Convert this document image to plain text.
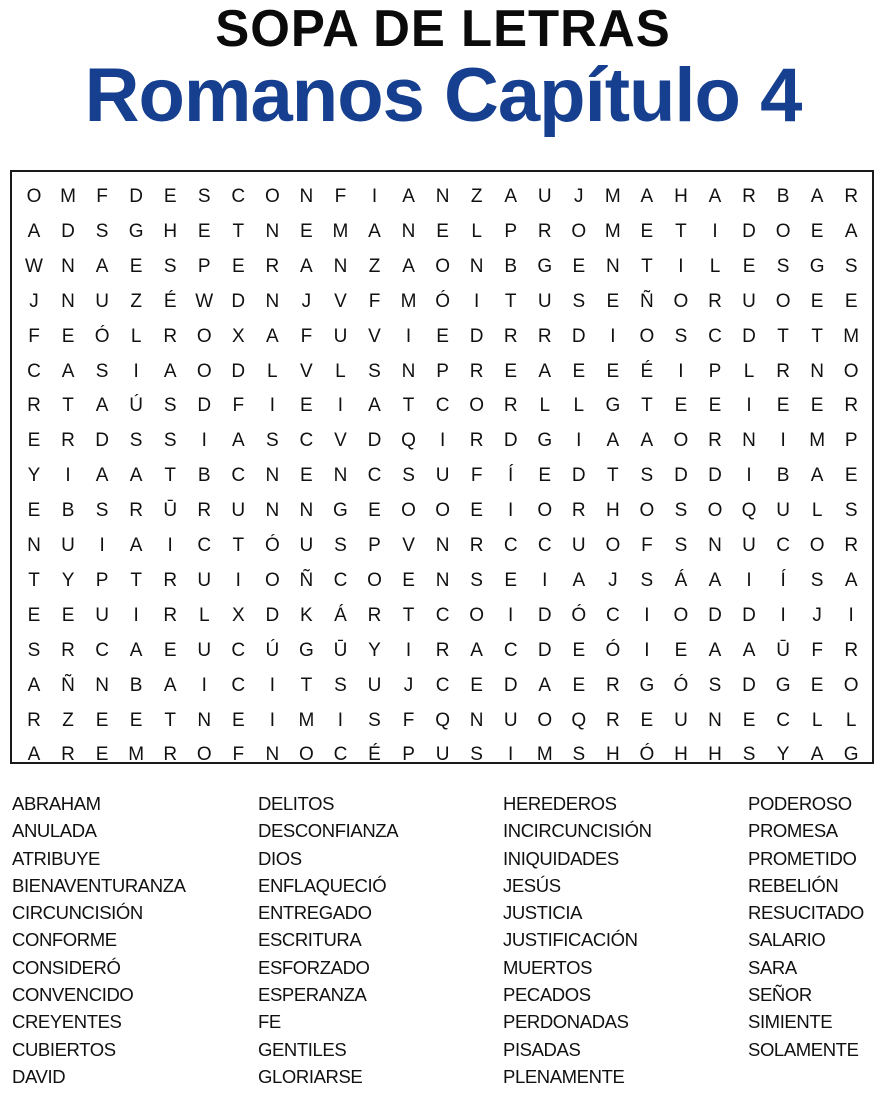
SOPA DE LETRAS
Romanos Capítulo 4
O M	F	D	E	S	C	O	N	F	I	A	N	Z	A	U	J	M	A	H	A	R	B	A	R
A	D	S	G	H	E	T	N	E	M	A	N	E	L	P	R	O M	E	T	I	D	O	E	A
W N	A	E	S	P	E	R	A	N	Z	A	O	N	B	G	E	N	T	I	L	E	S	G	S
J	N	U	Z	É W D	N	J	V	F	M Ó	I	T	U	S	E	Ñ	O	R	U	O	E	E
F	E	Ó	L	R	O	X	A	F	U	V	I	E	D	R	R	D	I	O	S	C	D	T	T	M
C	A	S	I	A	O	D	L	V	L	S	N	P	R	E	A	E	E	É	I	P	L	R	N	O
R	T	A	Ú	S	D	F	I	E	I	A	T	C	O	R	L	L	G	T	E	E	I	E	E	R
E	R	D	S	S	I	A	S	C	V	D	Q	I	R	D	G	I	A	A	O	R	N	I	M	P
Y	I	A	A	T	B	C	N	E	N	C	S	U	F	Í	E	D	T	S	D	D	I	B	A	E
E	B	S	R	Ū	R	U	N	N	G	E	O	O	E	I	O	R	H	O	S	O	Q	U	L	S
N	U	I	A	I	C	T	Ó	U	S	P	V	N	R	C	C	U	O	F	S	N	U	C	O	R
T	Y	P	T	R	U	I	O	Ñ	C	O	E	N	S	E	I	A	J	S	Á	A	I	Í	S	A
E	E	U	I	R	L	X	D	K	Á	R	T	C	O	I	D	Ó	C	I	O	D	D	I	J	I
S	R	C	A	E	U	C	Ú	G	Ū	Y	I	R	A	C	D	E	Ó	I	E	A	A	Ū	F	R
A	Ñ	N	B	A	I	C	I	T	S	U	J	C	E	D	A	E	R	G	Ó	S	D	G	E	O
R	Z	E	E	T	N	E	I	M	I	S	F	Q	N	U	O	Q	R	E	U	N	E	C	L	L
A	R	E	M	R	O	F	N	O	C	É	P	U	S	I	M	S	H	Ó	H	H	S	Y	A	G
ABRAHAM
ANULADA
ATRIBUYE
BIENAVENTURANZA
CIRCUNCISIÓN
CONFORME
CONSIDERÓ
CONVENCIDO
CREYENTES
CUBIERTOS
DAVID
DELITOS
DESCONFIANZA
DIOS
ENFLAQUECIÓ
ENTREGADO
ESCRITURA
ESFORZADO
ESPERANZA
FE
GENTILES
GLORIARSE
HEREDEROS
INCIRCUNCISIÓN
INIQUIDADES
JESÚS
JUSTICIA
JUSTIFICACIÓN
MUERTOS
PECADOS
PERDONADAS
PISADAS
PLENAMENTE
PODEROSO
PROMESA
PROMETIDO
REBELIÓN
RESUCITADO
SALARIO
SARA
SEÑOR
SIMIENTE
SOLAMENTE
